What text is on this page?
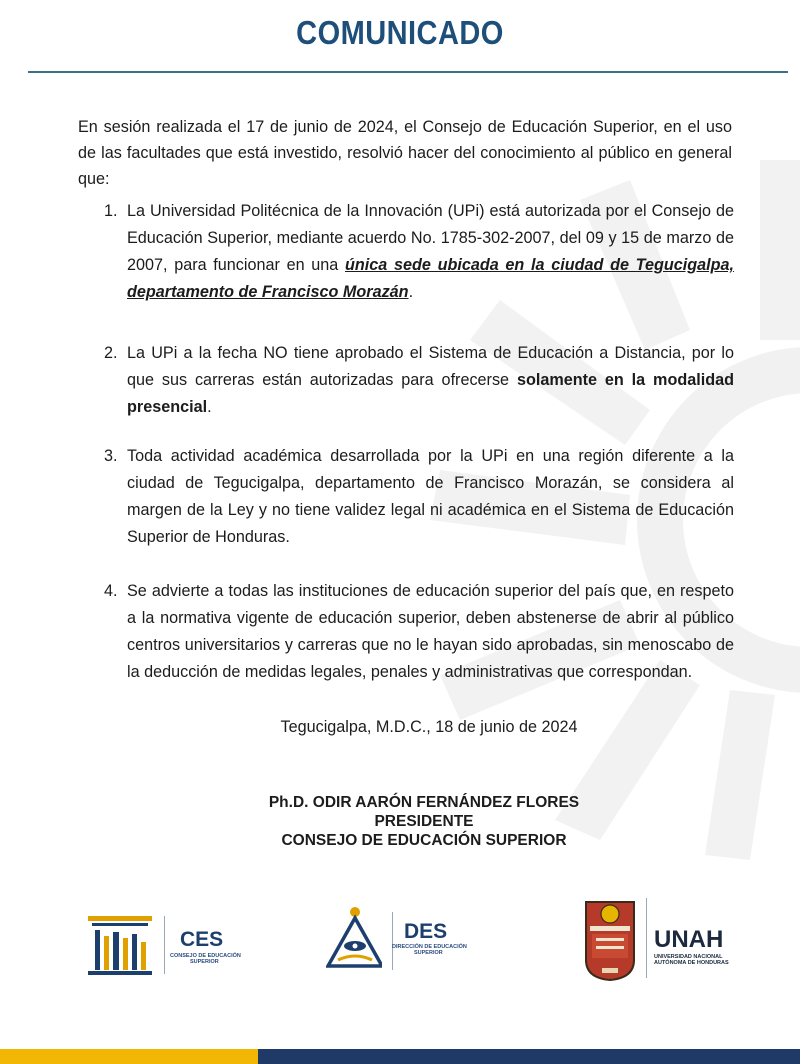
COMUNICADO
En sesión realizada el 17 de junio de 2024, el Consejo de Educación Superior, en el uso de las facultades que está investido, resolvió hacer del conocimiento al público en general que:
1. La Universidad Politécnica de la Innovación (UPi) está autorizada por el Consejo de Educación Superior, mediante acuerdo No. 1785-302-2007, del 09 y 15 de marzo de 2007, para funcionar en una única sede ubicada en la ciudad de Tegucigalpa, departamento de Francisco Morazán.
2. La UPi a la fecha NO tiene aprobado el Sistema de Educación a Distancia, por lo que sus carreras están autorizadas para ofrecerse solamente en la modalidad presencial.
3. Toda actividad académica desarrollada por la UPi en una región diferente a la ciudad de Tegucigalpa, departamento de Francisco Morazán, se considera al margen de la Ley y no tiene validez legal ni académica en el Sistema de Educación Superior de Honduras.
4. Se advierte a todas las instituciones de educación superior del país que, en respeto a la normativa vigente de educación superior, deben abstenerse de abrir al público centros universitarios y carreras que no le hayan sido aprobadas, sin menoscabo de la deducción de medidas legales, penales y administrativas que correspondan.
Tegucigalpa, M.D.C., 18 de junio de 2024
Ph.D. ODIR AARÓN FERNÁNDEZ FLORES
PRESIDENTE
CONSEJO DE EDUCACIÓN SUPERIOR
CES
CONSEJO DE EDUCACIÓN
SUPERIOR
DES
DIRECCIÓN DE EDUCACIÓN
SUPERIOR	UNAH
UNIVERSIDAD NACIONAL
AUTÓNOMA DE HONDURAS
